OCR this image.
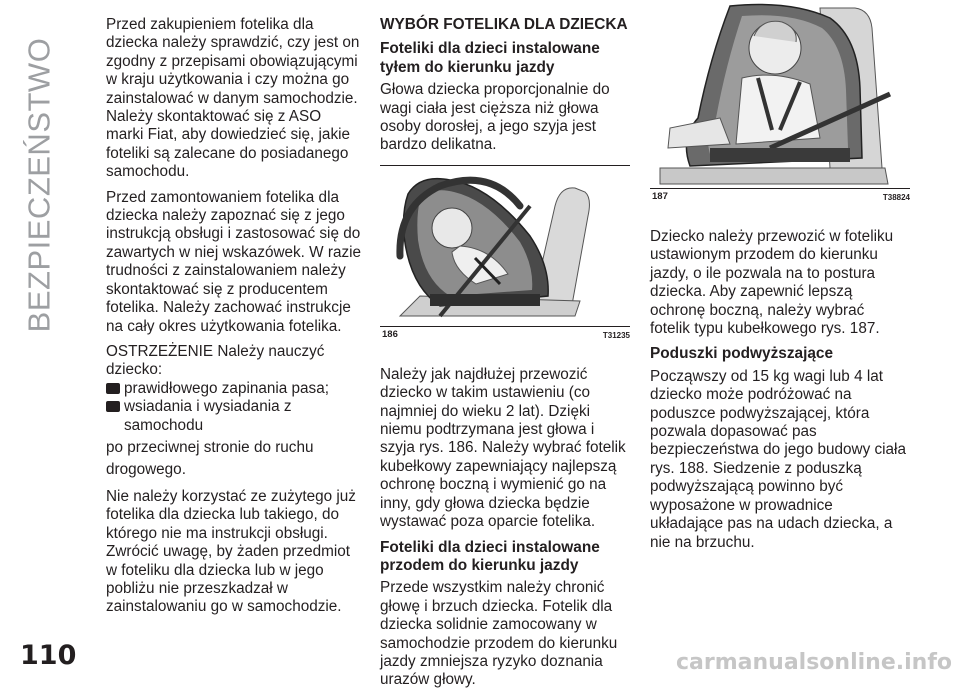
BEZPIECZEŃSTWO
110	carmanualsonline.info

Przed zakupieniem fotelika dla dziecka należy sprawdzić, czy jest on zgodny z przepisami obowiązującymi w kraju użytkowania i czy można go zainstalować w danym samochodzie. Należy skontaktować się z ASO marki Fiat, aby dowiedzieć się, jakie foteliki są zalecane do posiadanego samochodu.

Przed zamontowaniem fotelika dla dziecka należy zapoznać się z jego instrukcją obsługi i zastosować się do zawartych w niej wskazówek. W razie trudności z zainstalowaniem należy skontaktować się z producentem fotelika. Należy zachować instrukcje na cały okres użytkowania fotelika.

OSTRZEŻENIE Należy nauczyć dziecko:

prawidłowego zapinania pasa;
wsiadania i wysiadania z samochodu
po przeciwnej stronie do ruchu
drogowego.

Nie należy korzystać ze zużytego już fotelika dla dziecka lub takiego, do którego nie ma instrukcji obsługi. Zwrócić uwagę, by żaden przedmiot w foteliku dla dziecka lub w jego pobliżu nie przeszkadzał w zainstalowaniu go w samochodzie.

WYBÓR FOTELIKA DLA DZIECKA
Foteliki dla dzieci instalowane tyłem do kierunku jazdy

Głowa dziecka proporcjonalnie do wagi ciała jest cięższa niż głowa osoby dorosłej, a jego szyja jest bardzo delikatna.

186	T31235

Należy jak najdłużej przewozić dziecko w takim ustawieniu (co najmniej do wieku 2 lat). Dzięki niemu podtrzymana jest głowa i szyja rys. 186. Należy wybrać fotelik kubełkowy zapewniający najlepszą ochronę boczną i wymienić go na inny, gdy głowa dziecka będzie wystawać poza oparcie fotelika.

Foteliki dla dzieci instalowane przodem do kierunku jazdy

Przede wszystkim należy chronić głowę i brzuch dziecka. Fotelik dla dziecka solidnie zamocowany w samochodzie przodem do kierunku jazdy zmniejsza ryzyko doznania urazów głowy.

187	T38824

Dziecko należy przewozić w foteliku ustawionym przodem do kierunku jazdy, o ile pozwala na to postura dziecka. Aby zapewnić lepszą ochronę boczną, należy wybrać fotelik typu kubełkowego rys. 187.

Poduszki podwyższające

Począwszy od 15 kg wagi lub 4 lat dziecko może podróżować na poduszce podwyższającej, która pozwala dopasować pas bezpieczeństwa do jego budowy ciała rys. 188. Siedzenie z poduszką podwyższającą powinno być wyposażone w prowadnice układające pas na udach dziecka, a nie na brzuchu.
